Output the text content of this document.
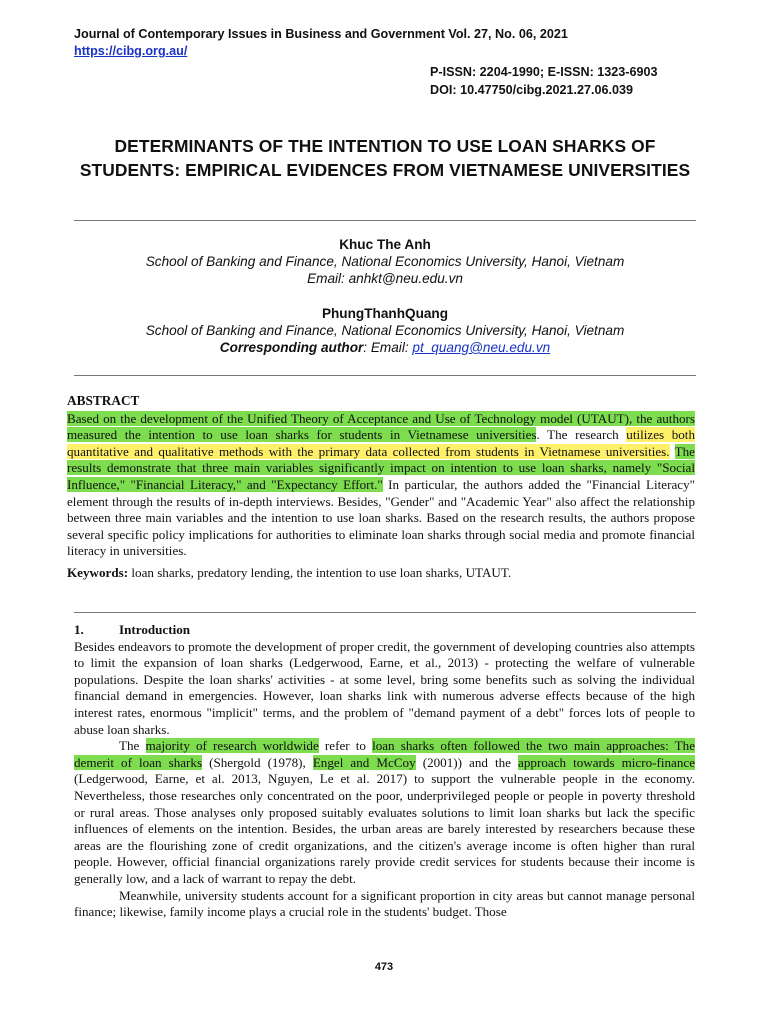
Journal of Contemporary Issues in Business and Government Vol. 27, No. 06, 2021
https://cibg.org.au/
P-ISSN: 2204-1990; E-ISSN: 1323-6903
DOI: 10.47750/cibg.2021.27.06.039
DETERMINANTS OF THE INTENTION TO USE LOAN SHARKS OF STUDENTS: EMPIRICAL EVIDENCES FROM VIETNAMESE UNIVERSITIES
Khuc The Anh
School of Banking and Finance, National Economics University, Hanoi, Vietnam
Email: anhkt@neu.edu.vn
PhungThanhQuang
School of Banking and Finance, National Economics University, Hanoi, Vietnam
Corresponding author: Email: pt_quang@neu.edu.vn
ABSTRACT

Based on the development of the Unified Theory of Acceptance and Use of Technology model (UTAUT), the authors measured the intention to use loan sharks for students in Vietnamese universities. The research utilizes both quantitative and qualitative methods with the primary data collected from students in Vietnamese universities. The results demonstrate that three main variables significantly impact on intention to use loan sharks, namely "Social Influence," "Financial Literacy," and "Expectancy Effort." In particular, the authors added the "Financial Literacy" element through the results of in-depth interviews. Besides, "Gender" and "Academic Year" also affect the relationship between three main variables and the intention to use loan sharks. Based on the research results, the authors propose several specific policy implications for authorities to eliminate loan sharks through social media and promote financial literacy in universities.

Keywords: loan sharks, predatory lending, the intention to use loan sharks, UTAUT.

1.	Introduction

Besides endeavors to promote the development of proper credit, the government of developing countries also attempts to limit the expansion of loan sharks (Ledgerwood, Earne, et al., 2013) - protecting the welfare of vulnerable populations. Despite the loan sharks' activities - at some level, bring some benefits such as solving the individual financial demand in emergencies. However, loan sharks link with numerous adverse effects because of the high interest rates, enormous "implicit" terms, and the problem of "demand payment of a debt" forces lots of people to abuse loan sharks.

The majority of research worldwide refer to loan sharks often followed the two main approaches: The demerit of loan sharks (Shergold (1978), Engel and McCoy (2001)) and the approach towards micro-finance (Ledgerwood, Earne, et al. 2013, Nguyen, Le et al. 2017) to support the vulnerable people in the economy. Nevertheless, those researches only concentrated on the poor, underprivileged people or people in poverty threshold or rural areas. Those analyses only proposed suitably evaluates solutions to limit loan sharks but lack the specific influences of elements on the intention. Besides, the urban areas are barely interested by researchers because these areas are the flourishing zone of credit organizations, and the citizen's average income is often higher than rural people. However, official financial organizations rarely provide credit services for students because their income is generally low, and a lack of warrant to repay the debt.

Meanwhile, university students account for a significant proportion in city areas but cannot manage personal finance; likewise, family income plays a crucial role in the students' budget. Those

473
